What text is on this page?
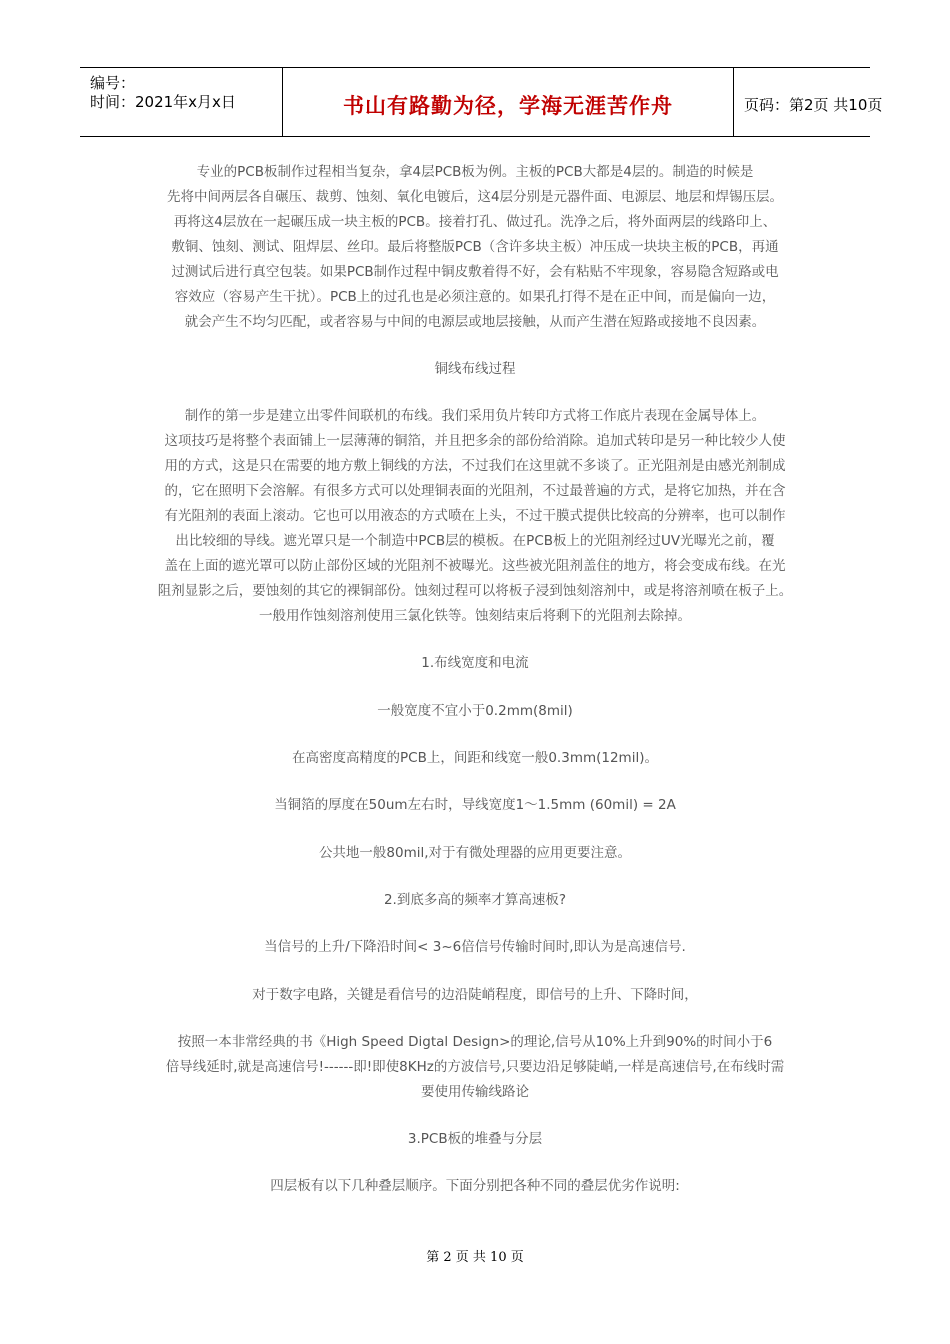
编号：
时间：2021年x月x日	书山有路勤为径，学海无涯苦作舟	页码：第2页 共10页
专业的PCB板制作过程相当复杂，拿4层PCB板为例。主板的PCB大都是4层的。制造的时候是
先将中间两层各自碾压、裁剪、蚀刻、氧化电镀后，这4层分别是元器件面、电源层、地层和焊锡压层。
再将这4层放在一起碾压成一块主板的PCB。接着打孔、做过孔。洗净之后，将外面两层的线路印上、
敷铜、蚀刻、测试、阻焊层、丝印。最后将整版PCB（含许多块主板）冲压成一块块主板的PCB，再通
过测试后进行真空包装。如果PCB制作过程中铜皮敷着得不好，会有粘贴不牢现象，容易隐含短路或电
容效应（容易产生干扰）。PCB上的过孔也是必须注意的。如果孔打得不是在正中间，而是偏向一边，
就会产生不均匀匹配，或者容易与中间的电源层或地层接触，从而产生潜在短路或接地不良因素。
铜线布线过程
制作的第一步是建立出零件间联机的布线。我们采用负片转印方式将工作底片表现在金属导体上。
这项技巧是将整个表面铺上一层薄薄的铜箔，并且把多余的部份给消除。追加式转印是另一种比较少人使
用的方式，这是只在需要的地方敷上铜线的方法，不过我们在这里就不多谈了。正光阻剂是由感光剂制成
的，它在照明下会溶解。有很多方式可以处理铜表面的光阻剂，不过最普遍的方式，是将它加热，并在含
有光阻剂的表面上滚动。它也可以用液态的方式喷在上头，不过干膜式提供比较高的分辨率，也可以制作
出比较细的导线。遮光罩只是一个制造中PCB层的模板。在PCB板上的光阻剂经过UV光曝光之前，覆
盖在上面的遮光罩可以防止部份区域的光阻剂不被曝光。这些被光阻剂盖住的地方，将会变成布线。在光
阻剂显影之后，要蚀刻的其它的裸铜部份。蚀刻过程可以将板子浸到蚀刻溶剂中，或是将溶剂喷在板子上。
一般用作蚀刻溶剂使用三氯化铁等。蚀刻结束后将剩下的光阻剂去除掉。
1.布线宽度和电流
一般宽度不宜小于0.2mm(8mil)
在高密度高精度的PCB上，间距和线宽一般0.3mm(12mil)。
当铜箔的厚度在50um左右时，导线宽度1～1.5mm (60mil) = 2A
公共地一般80mil,对于有微处理器的应用更要注意。
2.到底多高的频率才算高速板?
当信号的上升/下降沿时间< 3~6倍信号传输时间时,即认为是高速信号.
对于数字电路，关键是看信号的边沿陡峭程度，即信号的上升、下降时间，
按照一本非常经典的书《High Speed Digtal Design>的理论,信号从10%上升到90%的时间小于6
倍导线延时,就是高速信号!------即!即使8KHz的方波信号,只要边沿足够陡峭,一样是高速信号,在布线时需
要使用传输线路论
3.PCB板的堆叠与分层
四层板有以下几种叠层顺序。下面分别把各种不同的叠层优劣作说明:
第 2 页 共 10 页
